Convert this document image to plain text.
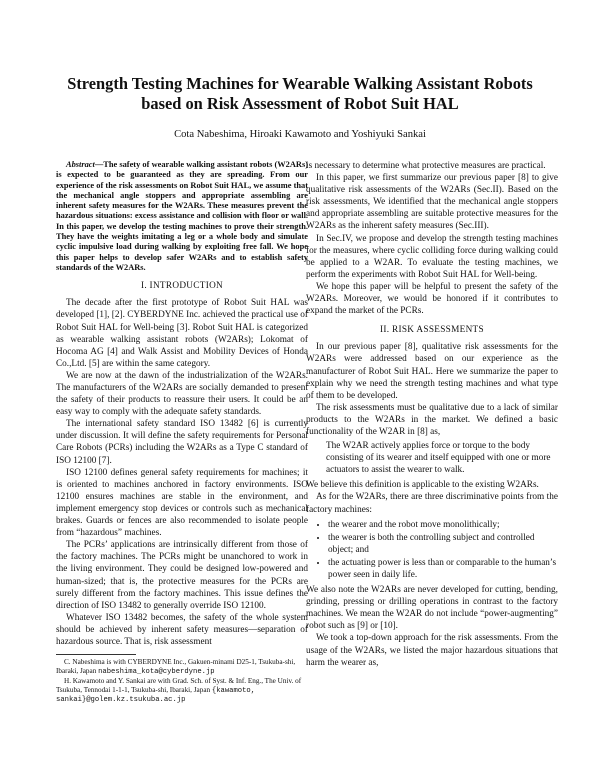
Strength Testing Machines for Wearable Walking Assistant Robots
based on Risk Assessment of Robot Suit HAL
Cota Nabeshima, Hiroaki Kawamoto and Yoshiyuki Sankai

Abstract—The safety of wearable walking assistant robots (W2ARs) is expected to be guaranteed as they are spreading. From our experience of the risk assessments on Robot Suit HAL, we assume that the mechanical angle stoppers and appropriate assembling are inherent safety measures for the W2ARs. These measures prevent the hazardous situations: excess assistance and collision with floor or wall. In this paper, we develop the testing machines to prove their strength. They have the weights imitating a leg or a whole body and simulate cyclic impulsive load during walking by exploiting free fall. We hope this paper helps to develop safer W2ARs and to establish safety standards of the W2ARs.

I. INTRODUCTION

The decade after the first prototype of Robot Suit HAL was developed [1], [2]. CYBERDYNE Inc. achieved the practical use of Robot Suit HAL for Well-being [3]. Robot Suit HAL is categorized as wearable walking assistant robots (W2ARs); Lokomat of Hocoma AG [4] and Walk Assist and Mobility Devices of Honda Co.,Ltd. [5] are within the same category.

We are now at the dawn of the industrialization of the W2ARs. The manufacturers of the W2ARs are socially demanded to present the safety of their products to reassure their users. It could be an easy way to comply with the adequate safety standards.

The international safety standard ISO 13482 [6] is currently under discussion. It will define the safety requirements for Personal Care Robots (PCRs) including the W2ARs as a Type C standard of ISO 12100 [7].

ISO 12100 defines general safety requirements for machines; it is oriented to machines anchored in factory environments. ISO 12100 ensures machines are stable in the environment, and implement emergency stop devices or controls such as mechanical brakes. Guards or fences are also recommended to isolate people from “hazardous” machines.

The PCRs’ applications are intrinsically different from those of the factory machines. The PCRs might be unanchored to work in the living environment. They could be designed low-powered and human-sized; that is, the protective measures for the PCRs are surely different from the factory machines. This issue defines the direction of ISO 13482 to generally override ISO 12100.

Whatever ISO 13482 becomes, the safety of the whole system should be achieved by inherent safety measures—separation of hazardous source. That is, risk assessment

C. Nabeshima is with CYBERDYNE Inc., Gakuen-minami D25-1, Tsukuba-shi, Ibaraki, Japan nabeshima_kota@cyberdyne.jp

H. Kawamoto and Y. Sankai are with Grad. Sch. of Syst. & Inf. Eng., The Univ. of Tsukuba, Tennodai 1-1-1, Tsukuba-shi, Ibaraki, Japan {kawamoto, sankai}@golem.kz.tsukuba.ac.jp

is necessary to determine what protective measures are practical.

In this paper, we first summarize our previous paper [8] to give qualitative risk assessments of the W2ARs (Sec.II). Based on the risk assessments, We identified that the mechanical angle stoppers and appropriate assembling are suitable protective measures for the W2ARs as the inherent safety measures (Sec.III).

In Sec.IV, we propose and develop the strength testing machines for the measures, where cyclic colliding force during walking could be applied to a W2AR. To evaluate the testing machines, we perform the experiments with Robot Suit HAL for Well-being.

We hope this paper will be helpful to present the safety of the W2ARs. Moreover, we would be honored if it contributes to expand the market of the PCRs.

II. RISK ASSESSMENTS

In our previous paper [8], qualitative risk assessments for the W2ARs were addressed based on our experience as the manufacturer of Robot Suit HAL. Here we summarize the paper to explain why we need the strength testing machines and what type of them to be developed.

The risk assessments must be qualitative due to a lack of similar products to the W2ARs in the market. We defined a basic functionality of the W2AR in [8] as,

The W2AR actively applies force or torque to the body consisting of its wearer and itself equipped with one or more actuators to assist the wearer to walk.

We believe this definition is applicable to the existing W2ARs.

As for the W2ARs, there are three discriminative points from the factory machines:

• the wearer and the robot move monolithically;
• the wearer is both the controlling subject and controlled object; and
• the actuating power is less than or comparable to the human’s power seen in daily life.

We also note the W2ARs are never developed for cutting, bending, grinding, pressing or drilling operations in contrast to the factory machines. We mean the W2AR do not include “power-augmenting” robot such as [9] or [10].

We took a top-down approach for the risk assessments. From the usage of the W2ARs, we listed the major hazardous situations that harm the wearer as,
